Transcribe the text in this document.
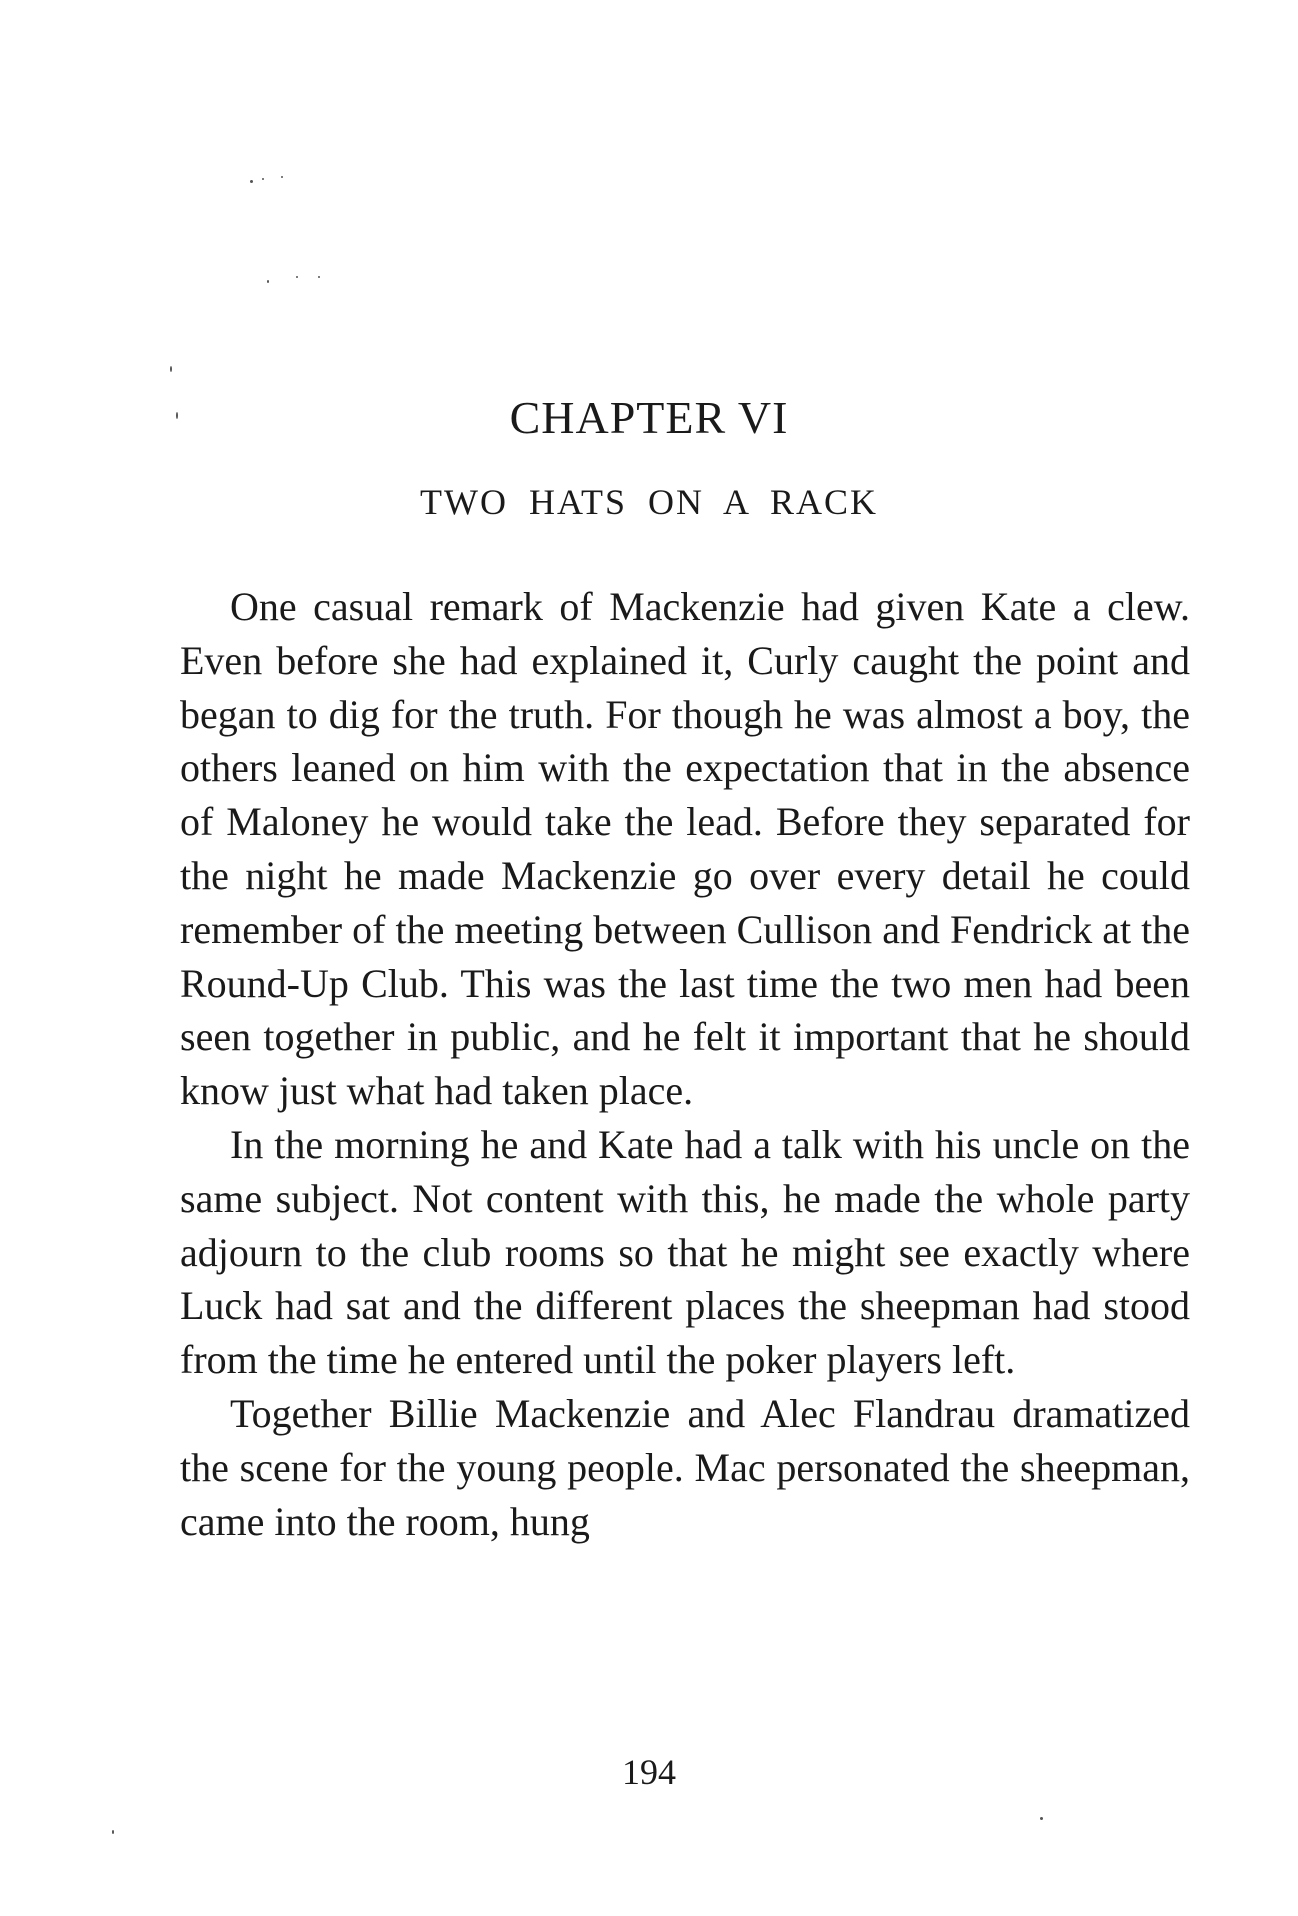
CHAPTER VI
TWO HATS ON A RACK

One casual remark of Mackenzie had given Kate a clew. Even before she had explained it, Curly caught the point and began to dig for the truth. For though he was almost a boy, the others leaned on him with the expectation that in the absence of Maloney he would take the lead. Before they separated for the night he made Mackenzie go over every detail he could remember of the meeting between Cullison and Fendrick at the Round-Up Club. This was the last time the two men had been seen together in public, and he felt it important that he should know just what had taken place.

In the morning he and Kate had a talk with his uncle on the same subject. Not content with this, he made the whole party adjourn to the club rooms so that he might see exactly where Luck had sat and the different places the sheepman had stood from the time he entered until the poker players left.

Together Billie Mackenzie and Alec Flandrau dramatized the scene for the young people. Mac personated the sheepman, came into the room, hung

194
